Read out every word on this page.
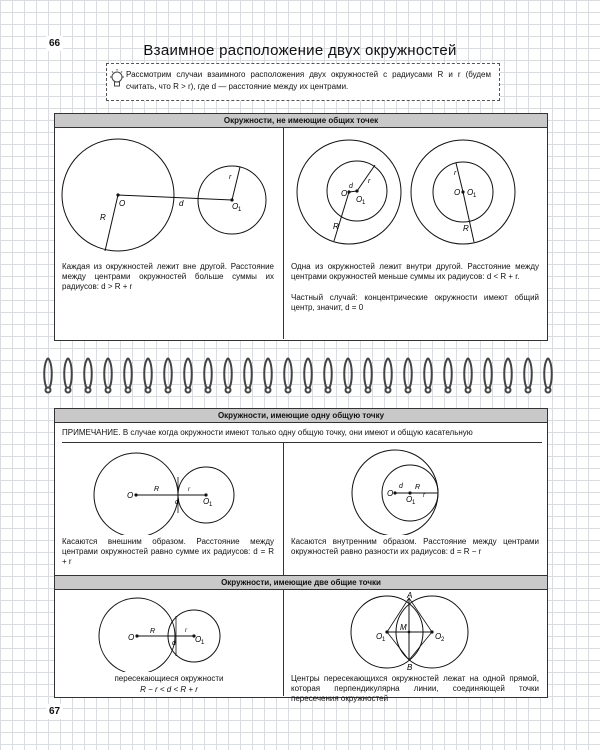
66
67
Взаимное расположение двух окружностей
Рассмотрим случаи взаимного расположения двух окружностей с радиусами R и r (будем считать, что R > r), где d — расстояние между их центрами.
Окружности, не имеющие общих точек
O	O 1
d
R
r
Каждая из окружностей лежит вне другой. Расстояние между центрами окружностей больше суммы их радиусов: d > R + r
O
O 1
d
R
r
O O 1
R
r
Одна из окружностей лежит внутри другой. Расстояние между центрами окружностей меньше суммы их радиусов: d < R + r.
Частный случай: концентрические окружности имеют общий центр, значит, d = 0
Окружности, имеющие одну общую точку
ПРИМЕЧАНИЕ. В случае когда окружности имеют только одну общую точку, они имеют и общую касательную
O
O 1
R	r
d
Касаются внешним образом. Расстояние между центрами окружностей равно сумме их радиусов: d = R + r
O
O 1
d R
r
Касаются внутренним образом. Расстояние между центрами окружностей равно разности их радиусов: d = R − r
Окружности, имеющие две общие точки
O	O 1
R	r
d
пересекающиеся окружности
R − r < d < R + r
A
B
M
O 1	O 2
Центры пересекающихся окружностей лежат на одной прямой, которая перпендикулярна линии, соединяющей точки пересечения окружностей
